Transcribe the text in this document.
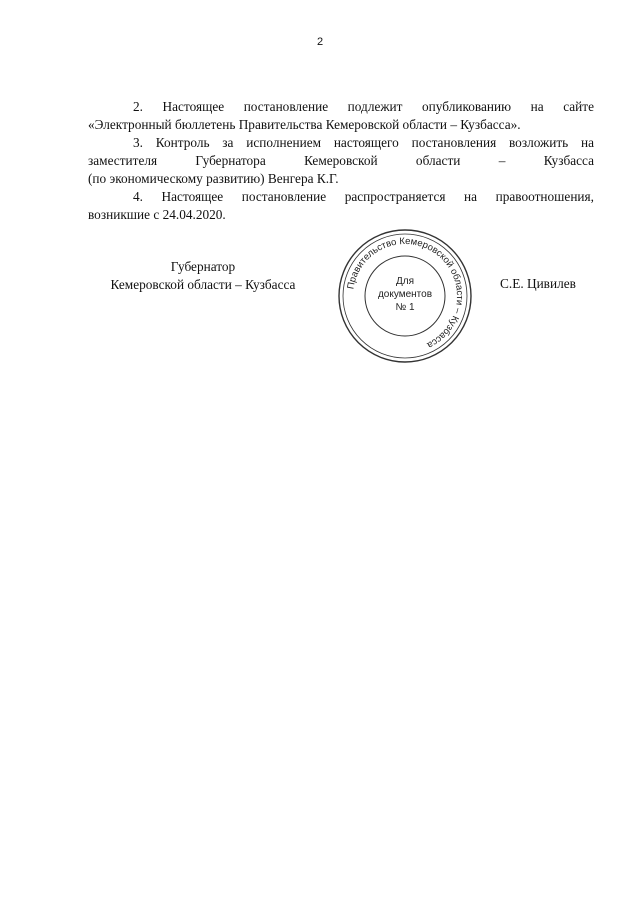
2

2. Настоящее постановление подлежит опубликованию на сайте
«Электронный бюллетень Правительства Кемеровской области – Кузбасса».

3. Контроль за исполнением настоящего постановления возложить на
заместителя Губернатора Кемеровской области – Кузбасса
(по экономическому развитию) Венгера К.Г.

4. Настоящее постановление распространяется на правоотношения,
возникшие с 24.04.2020.

Губернатор
Кемеровской области – Кузбасса	Правительство Кемеровской области – Кузбасса
Для
документов
№ 1
С.Е. Цивилев
